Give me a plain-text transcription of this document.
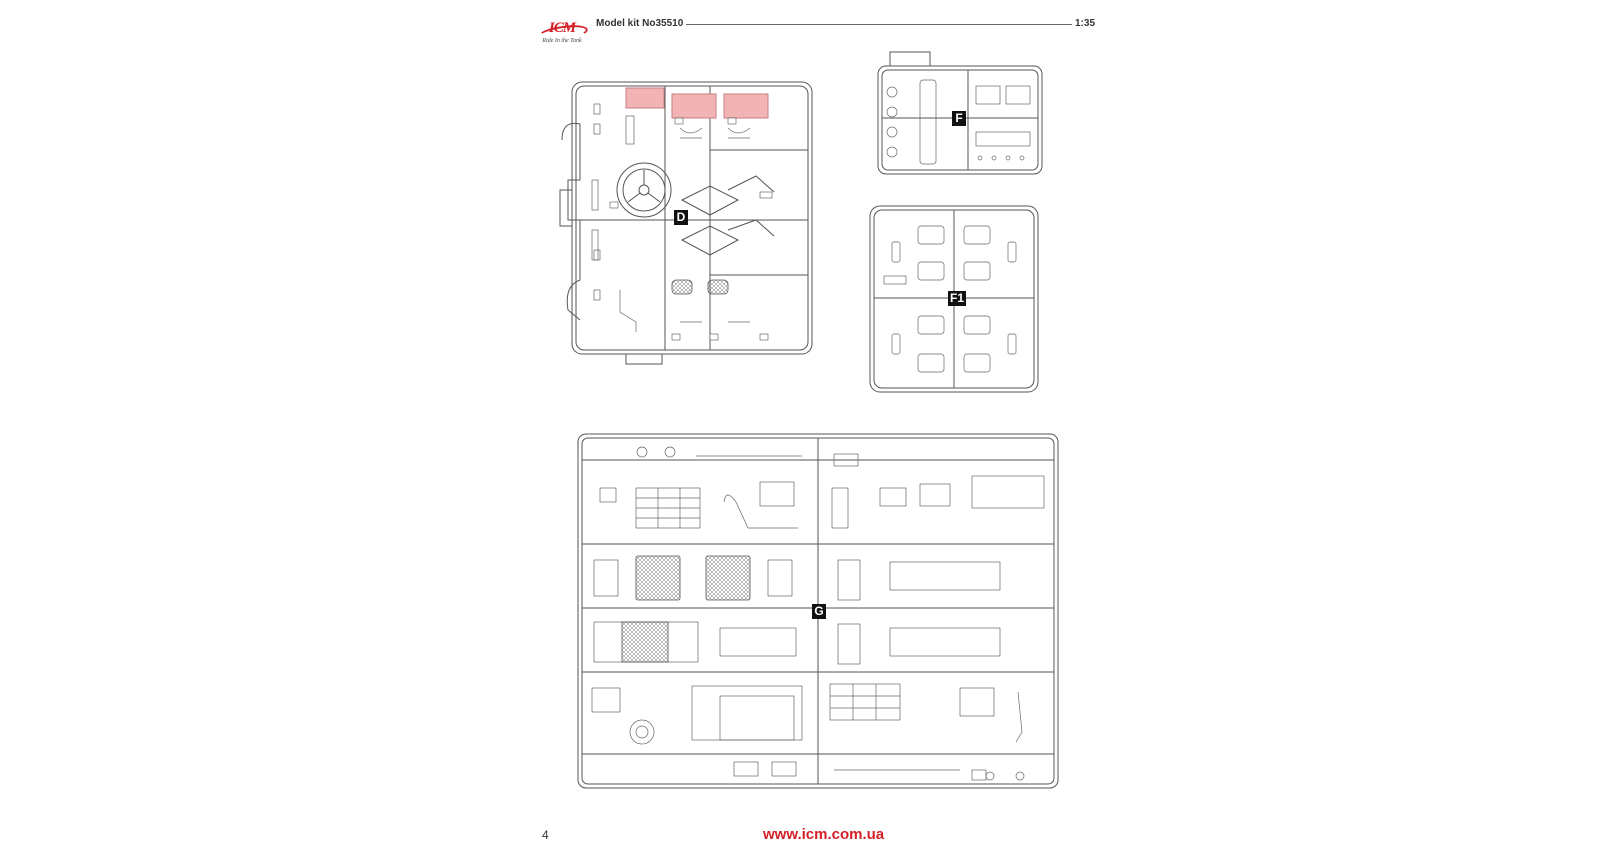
ICM
Ride In the Tank
Model kit No35510	1:35
D
F
F1
G
4	www.icm.com.ua
